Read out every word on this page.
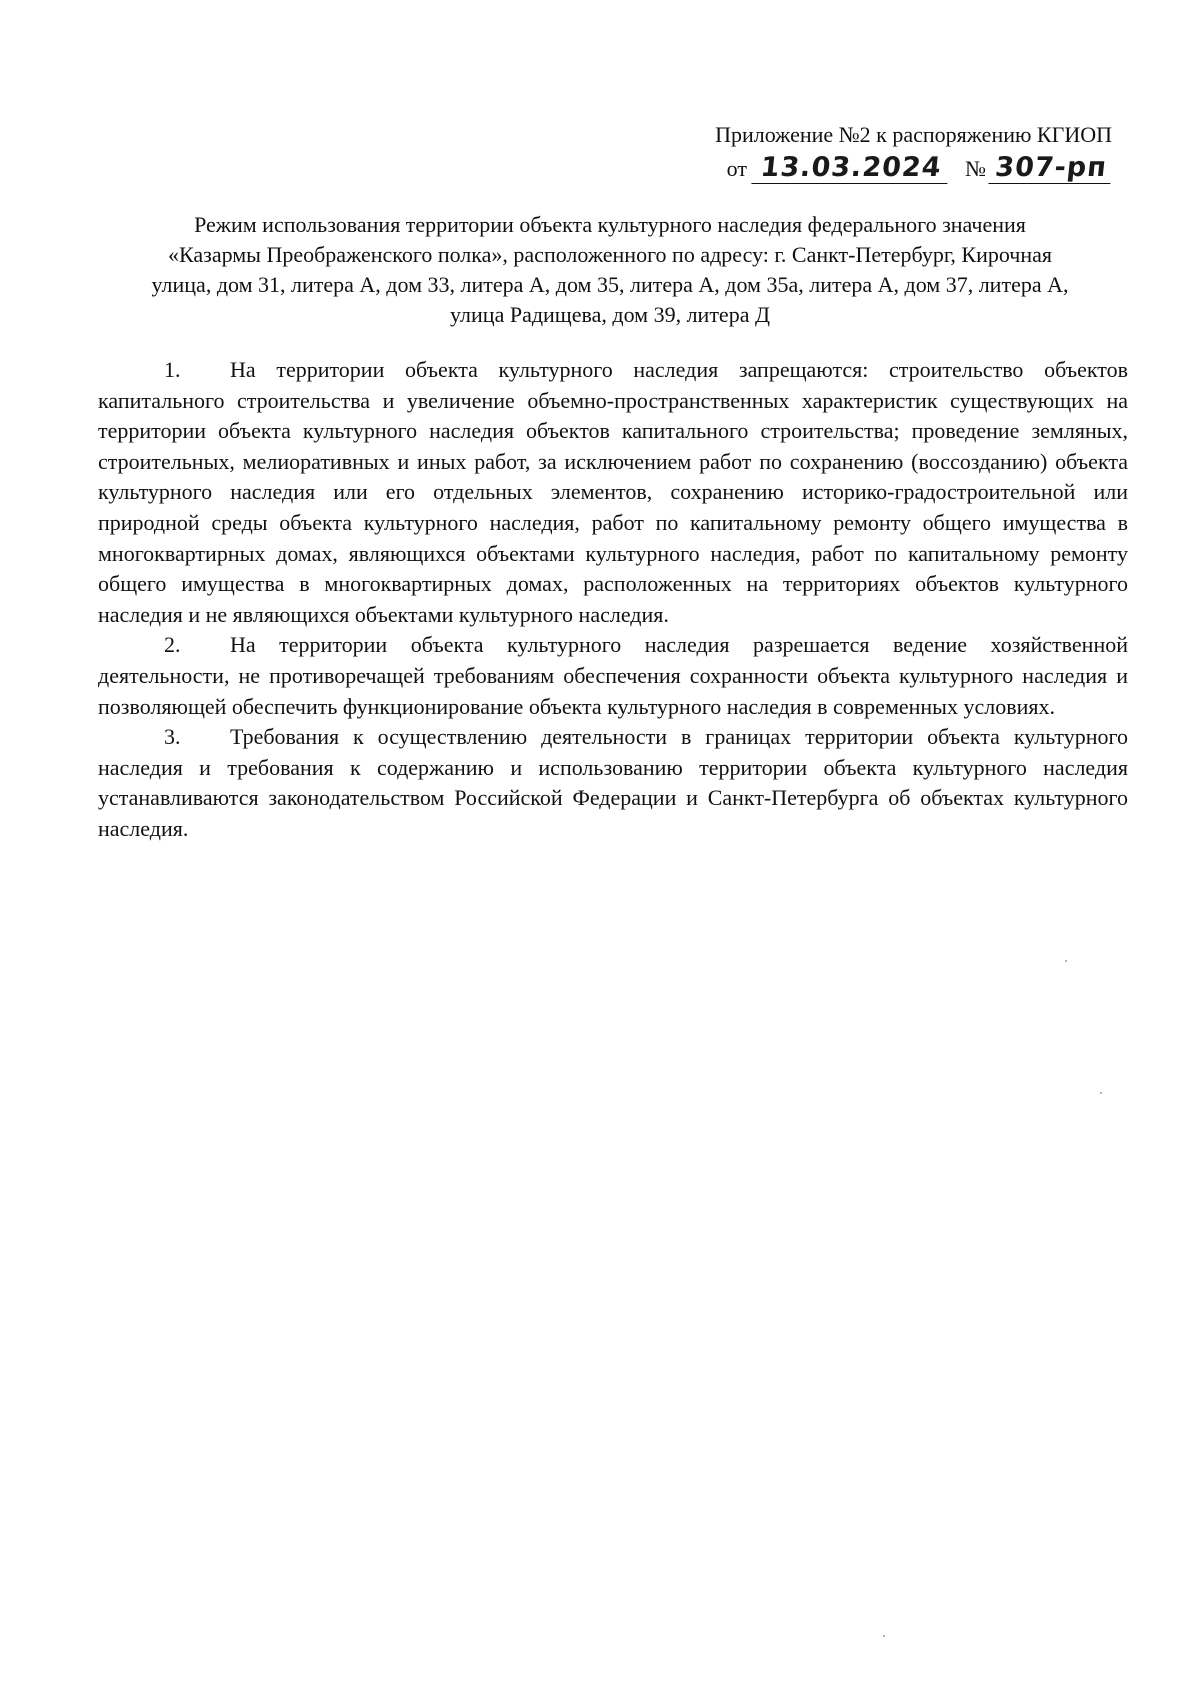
Приложение №2 к распоряжению КГИОП
от 13.03.2024 № 307-рп
Режим использования территории объекта культурного наследия федерального значения
«Казармы Преображенского полка», расположенного по адресу: г. Санкт-Петербург, Кирочная
улица, дом 31, литера А, дом 33, литера А, дом 35, литера А, дом 35а, литера А, дом 37, литера А,
улица Радищева, дом 39, литера Д

1. На территории объекта культурного наследия запрещаются: строительство объектов капитального строительства и увеличение объемно-пространственных характеристик существующих на территории объекта культурного наследия объектов капитального строительства; проведение земляных, строительных, мелиоративных и иных работ, за исключением работ по сохранению (воссозданию) объекта культурного наследия или его отдельных элементов, сохранению историко-градостроительной или природной среды объекта культурного наследия, работ по капитальному ремонту общего имущества в многоквартирных домах, являющихся объектами культурного наследия, работ по капитальному ремонту общего имущества в многоквартирных домах, расположенных на территориях объектов культурного наследия и не являющихся объектами культурного наследия.

2. На территории объекта культурного наследия разрешается ведение хозяйственной деятельности, не противоречащей требованиям обеспечения сохранности объекта культурного наследия и позволяющей обеспечить функционирование объекта культурного наследия в современных условиях.

3. Требования к осуществлению деятельности в границах территории объекта культурного наследия и требования к содержанию и использованию территории объекта культурного наследия устанавливаются законодательством Российской Федерации и Санкт-Петербурга об объектах культурного наследия.
